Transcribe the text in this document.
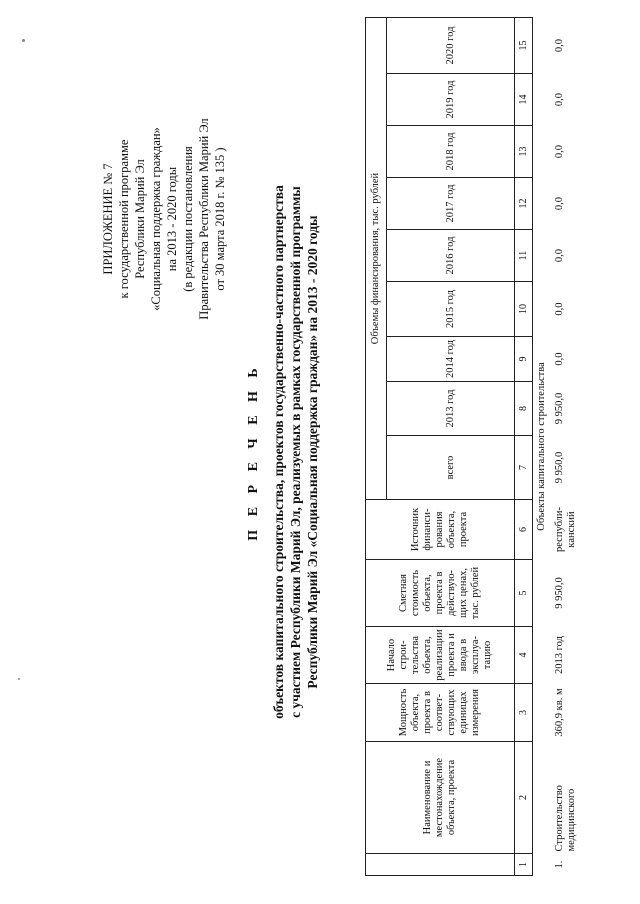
ПРИЛОЖЕНИЕ № 7 к государственной программе Республики Марий Эл «Социальная поддержка граждан» на 2013 - 2020 годы (в редакции постановления Правительства Республики Марий Эл от 30 марта 2018 г. № 135 )
П Е Р Е Ч Е Н Ь объектов капитального строительства, проектов государственно-частного партнерства с участием Республики Марий Эл, реализуемых в рамках государственной программы Республики Марий Эл «Социальная поддержка граждан» на 2013 - 2020 годы
	Наименование и местонахождение объекта, проекта	Мощность объекта, проекта в соответ-ствующих единицах измерения	Начало строи-тельства объекта, реализации проекта и ввода в эксплуа-тацию	Сметная стоимость объекта, проекта в действую-щих ценах, тыс. рублей	Источник финанси-рования объекта, проекта	Объемы финансирования, тыс. рублей								
						всего	2013 год	2014 год	2015 год	2016 год	2017 год	2018 год	2019 год	2020 год
1	2	3	4	5	6	7	8	9	10	11	12	13	14	15
Объекты капитального строительства														
1.	Строительство медицинского	360,9 кв. м	2013 год	9 950,0	республи-канский	9 950,0	9 950,0	0,0	0,0	0,0	0,0	0,0	0,0	0,0
